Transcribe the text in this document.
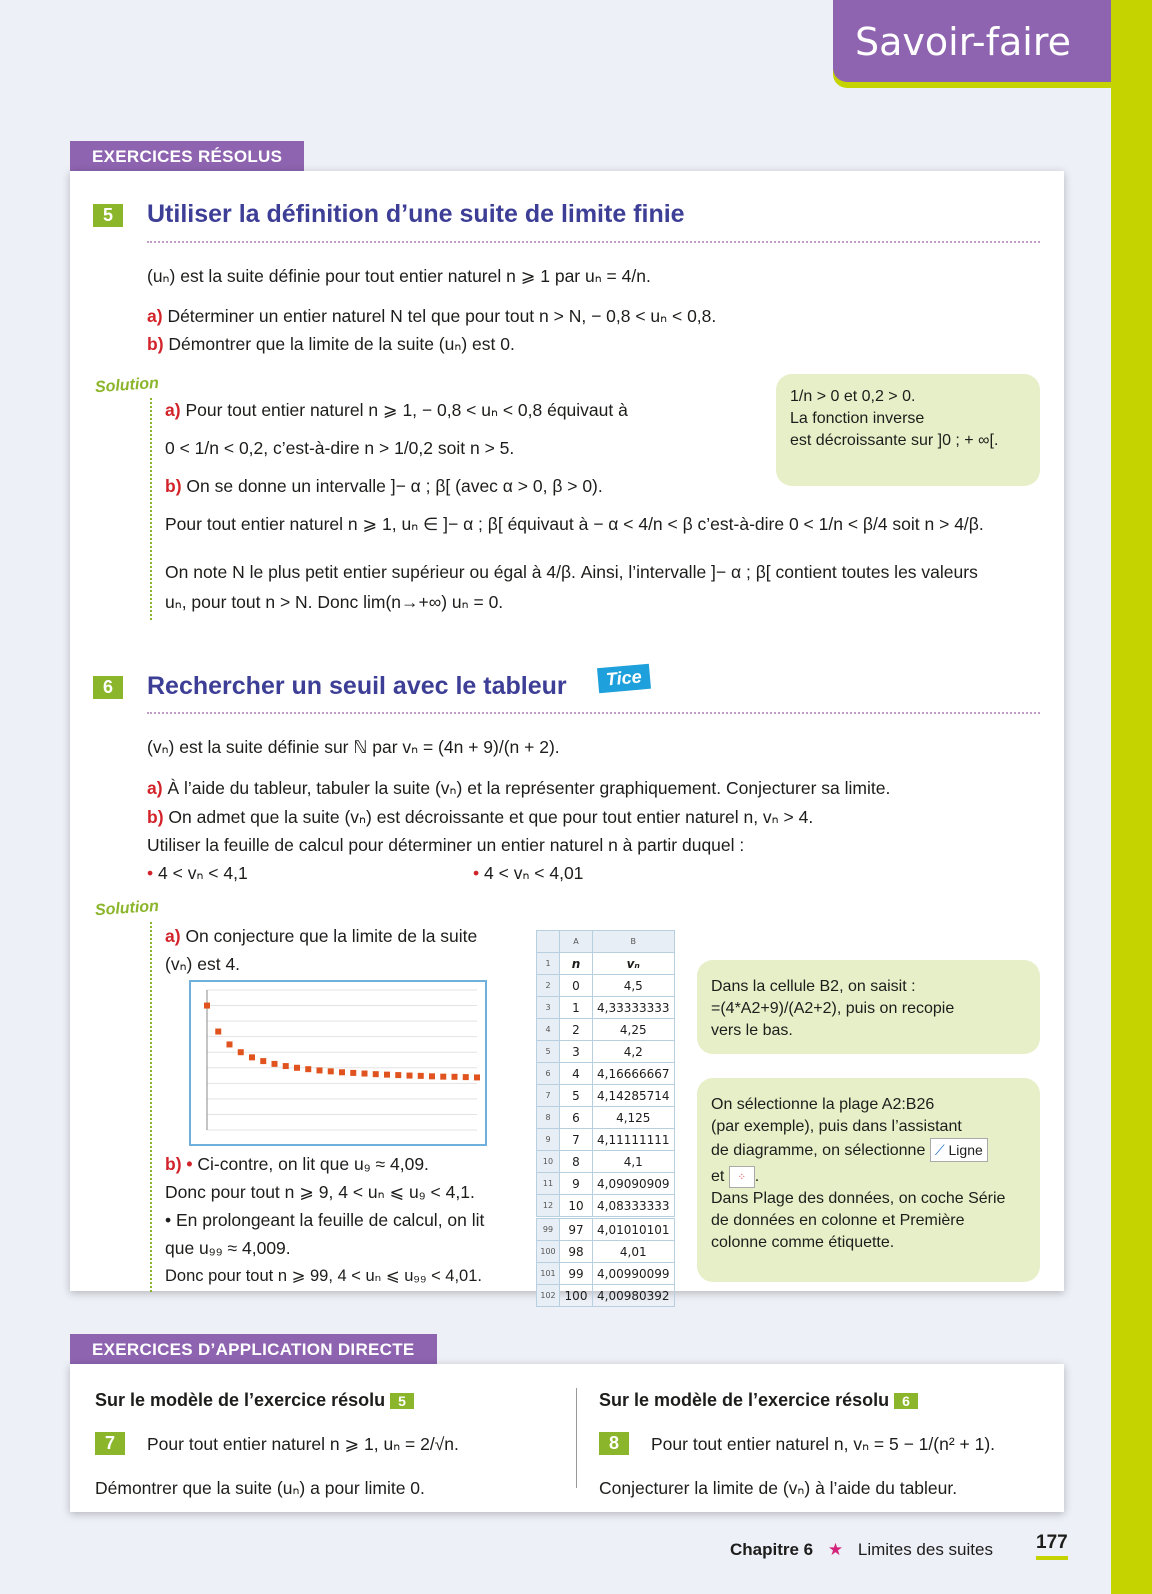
Savoir-faire
EXERCICES RÉSOLUS
5	Utiliser la définition d’une suite de limite finie
(uₙ) est la suite définie pour tout entier naturel n ⩾ 1 par uₙ = 4/n.
a) Déterminer un entier naturel N tel que pour tout n > N, − 0,8 < uₙ < 0,8.
b) Démontrer que la limite de la suite (uₙ) est 0.
Solution
a) Pour tout entier naturel n ⩾ 1, − 0,8 < uₙ < 0,8 équivaut à
0 < 1/n < 0,2, c’est-à-dire n > 1/0,2 soit n > 5.
b) On se donne un intervalle ]− α ; β[ (avec α > 0, β > 0).
Pour tout entier naturel n ⩾ 1, uₙ ∈ ]− α ; β[ équivaut à − α < 4/n < β c’est-à-dire 0 < 1/n < β/4 soit n > 4/β.
On note N le plus petit entier supérieur ou égal à 4/β. Ainsi, l’intervalle ]− α ; β[ contient toutes les valeurs
uₙ, pour tout n > N. Donc lim(n→+∞) uₙ = 0.
1/n > 0 et 0,2 > 0.
La fonction inverse
est décroissante sur ]0 ; + ∞[.
6	Rechercher un seuil avec le tableur	Tice
(vₙ) est la suite définie sur ℕ par vₙ = (4n + 9)/(n + 2).
a) À l’aide du tableur, tabuler la suite (vₙ) et la représenter graphiquement. Conjecturer sa limite.
b) On admet que la suite (vₙ) est décroissante et que pour tout entier naturel n, vₙ > 4.
Utiliser la feuille de calcul pour déterminer un entier naturel n à partir duquel :
• 4 < vₙ < 4,1	• 4 < vₙ < 4,01
Solution
a) On conjecture que la limite de la suite
(vₙ) est 4.
b) • Ci-contre, on lit que u₉ ≈ 4,09.
Donc pour tout n ⩾ 9, 4 < uₙ ⩽ u₉ < 4,1.
• En prolongeant la feuille de calcul, on lit
que u₉₉ ≈ 4,009.
Donc pour tout n ⩾ 99, 4 < uₙ ⩽ u₉₉ < 4,01.
	A	B
1	n	vₙ
2	0	4,5
3	1	4,33333333
4	2	4,25
5	3	4,2
6	4	4,16666667
7	5	4,14285714
8	6	4,125
9	7	4,11111111
10	8	4,1
11	9	4,09090909
12	10	4,08333333
99	97	4,01010101
100	98	4,01
101	99	4,00990099
102	100	4,00980392
Dans la cellule B2, on saisit :
=(4*A2+9)/(A2+2), puis on recopie
vers le bas.
On sélectionne la plage A2:B26
(par exemple), puis dans l’assistant
de diagramme, on sélectionne ⟋ Ligne
et ⁘ .
Dans Plage des données, on coche Série
de données en colonne et Première
colonne comme étiquette.
EXERCICES D’APPLICATION DIRECTE
Sur le modèle de l’exercice résolu 5
7	Pour tout entier naturel n ⩾ 1, uₙ = 2/√n.
Démontrer que la suite (uₙ) a pour limite 0.
Sur le modèle de l’exercice résolu 6
8	Pour tout entier naturel n, vₙ = 5 − 1/(n² + 1).
Conjecturer la limite de (vₙ) à l’aide du tableur.
Chapitre 6 ★ Limites des suites 177
